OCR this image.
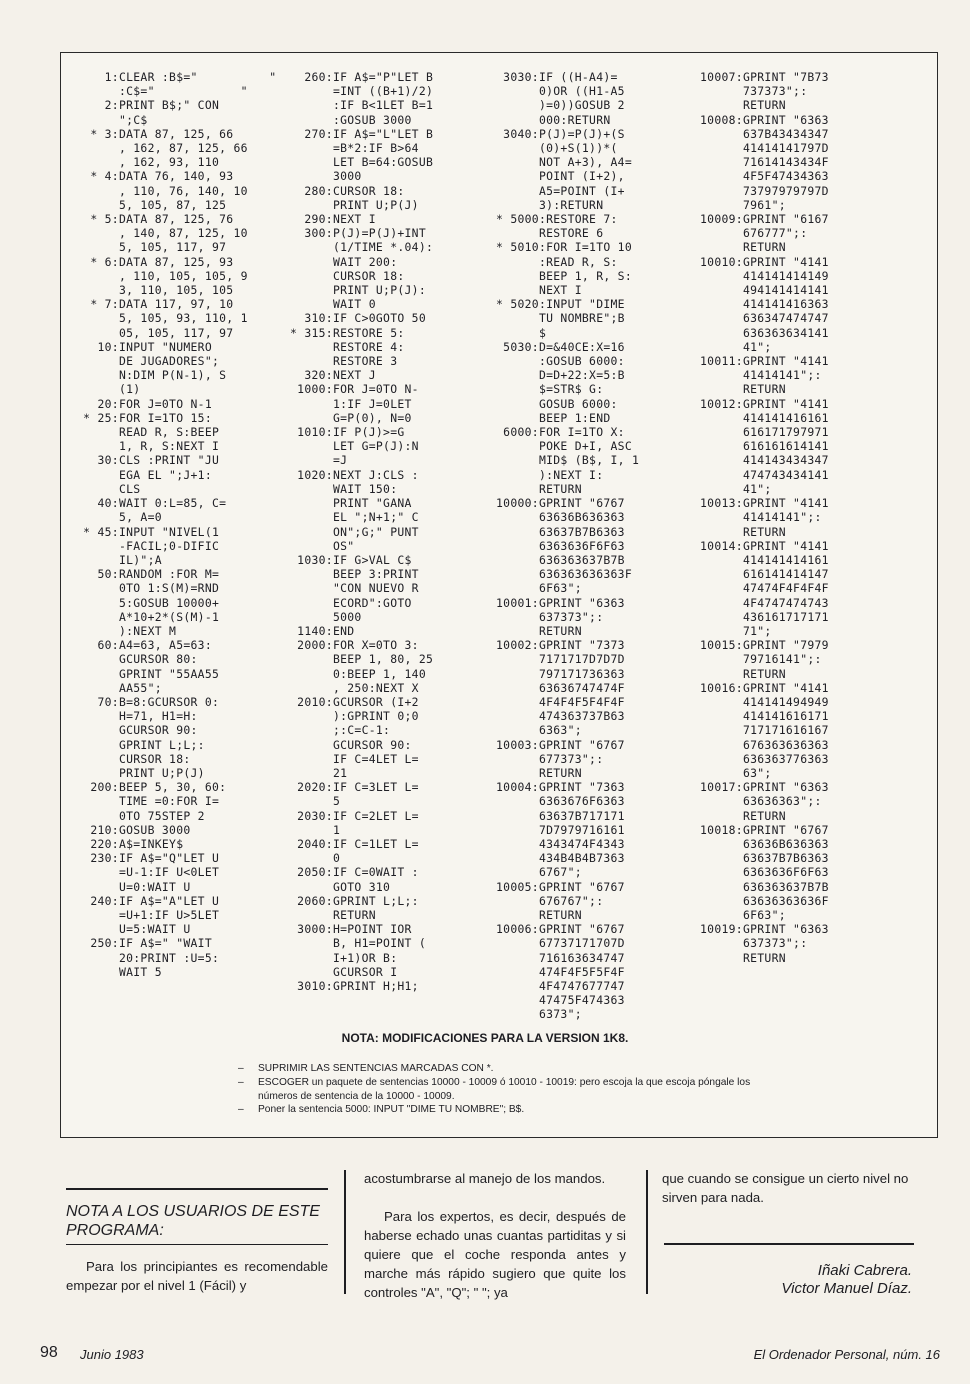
1:CLEAR :B$="          "
:C$="            "
2:PRINT B$;" CON
";C$
* 3:DATA 87, 125, 66
, 162, 87, 125, 66
, 162, 93, 110
* 4:DATA 76, 140, 93
, 110, 76, 140, 10
5, 105, 87, 125
* 5:DATA 87, 125, 76
, 140, 87, 125, 10
5, 105, 117, 97
* 6:DATA 87, 125, 93
, 110, 105, 105, 9
3, 110, 105, 105
* 7:DATA 117, 97, 10
5, 105, 93, 110, 1
05, 105, 117, 97
10:INPUT "NUMERO
DE JUGADORES";
N:DIM P(N-1), S
(1)
20:FOR J=0TO N-1
* 25:FOR I=1TO 15:
READ R, S:BEEP
1, R, S:NEXT I
30:CLS :PRINT "JU
EGA EL ";J+1:
CLS
40:WAIT 0:L=85, C=
5, A=0
* 45:INPUT "NIVEL(1
-FACIL;0-DIFIC
IL)";A
50:RANDOM :FOR M=
0TO 1:S(M)=RND
5:GOSUB 10000+
A*10+2*(S(M)-1
):NEXT M
60:A4=63, A5=63:
GCURSOR 80:
GPRINT "55AA55
AA55";
70:B=8:GCURSOR 0:
H=71, H1=H:
GCURSOR 90:
GPRINT L;L;:
CURSOR 18:
PRINT U;P(J)
200:BEEP 5, 30, 60:
TIME =0:FOR I=
0TO 75STEP 2
210:GOSUB 3000
220:A$=INKEY$
230:IF A$="Q"LET U
=U-1:IF U<0LET
U=0:WAIT U
240:IF A$="A"LET U
=U+1:IF U>5LET
U=5:WAIT U
250:IF A$=" "WAIT
20:PRINT :U=5:
WAIT 5
260:IF A$="P"LET B
=INT ((B+1)/2)
:IF B<1LET B=1
:GOSUB 3000
270:IF A$="L"LET B
=B*2:IF B>64
LET B=64:GOSUB
3000
280:CURSOR 18:
PRINT U;P(J)
290:NEXT I
300:P(J)=P(J)+INT
(1/TIME *.04):
WAIT 200:
CURSOR 18:
PRINT U;P(J):
WAIT 0
310:IF C>0GOTO 50
* 315:RESTORE 5:
RESTORE 4:
RESTORE 3
320:NEXT J
1000:FOR J=0TO N-
1:IF J=0LET
G=P(0), N=0
1010:IF P(J)>=G
LET G=P(J):N
=J
1020:NEXT J:CLS :
WAIT 150:
PRINT "GANA
EL ";N+1;" C
ON";G;" PUNT
OS"
1030:IF G>VAL C$
BEEP 3:PRINT
"CON NUEVO R
ECORD":GOTO
5000
1140:END
2000:FOR X=0TO 3:
BEEP 1, 80, 25
0:BEEP 1, 140
, 250:NEXT X
2010:GCURSOR (I+2
):GPRINT 0;0
;:C=C-1:
GCURSOR 90:
IF C=4LET L=
21
2020:IF C=3LET L=
5
2030:IF C=2LET L=
1
2040:IF C=1LET L=
0
2050:IF C=0WAIT :
GOTO 310
2060:GPRINT L;L;:
RETURN
3000:H=POINT IOR
B, H1=POINT (
I+1)OR B:
GCURSOR I
3010:GPRINT H;H1;
3030:IF ((H-A4)=
0)OR ((H1-A5
)=0))GOSUB 2
000:RETURN
3040:P(J)=P(J)+(S
(0)+S(1))*(
NOT A+3), A4=
POINT (I+2),
A5=POINT (I+
3):RETURN
* 5000:RESTORE 7:
RESTORE 6
* 5010:FOR I=1TO 10
:READ R, S:
BEEP 1, R, S:
NEXT I
* 5020:INPUT "DIME
TU NOMBRE";B
$
5030:D=&40CE:X=16
:GOSUB 6000:
D=D+22:X=5:B
$=STR$ G:
GOSUB 6000:
BEEP 1:END
6000:FOR I=1TO X:
POKE D+I, ASC
MID$ (B$, I, 1
):NEXT I:
RETURN
10000:GPRINT "6767
63636B636363
63637B7B6363
6363636F6F63
636363637B7B
636363636363F
6F63";
10001:GPRINT "6363
637373";:
RETURN
10002:GPRINT "7373
7171717D7D7D
797171736363
63636747474F
4F4F4F5F4F4F
474363737B63
6363";
10003:GPRINT "6767
677373";:
RETURN
10004:GPRINT "7363
6363676F6363
63637B717171
7D7979716161
4343474F4343
434B4B4B7363
6767";
10005:GPRINT "6767
676767";:
RETURN
10006:GPRINT "6767
67737171707D
716163634747
474F4F5F5F4F
4F4747677747
47475F474363
6373";
10007:GPRINT "7B73
737373";:
RETURN
10008:GPRINT "6363
637B43434347
41414141797D
71614143434F
4F5F47434363
73797979797D
7961";
10009:GPRINT "6167
676777";:
RETURN
10010:GPRINT "4141
414141414149
494141414141
414141416363
636347474747
636363634141
41";
10011:GPRINT "4141
41414141";:
RETURN
10012:GPRINT "4141
414141416161
616171797971
616161614141
414143434347
474743434141
41";
10013:GPRINT "4141
41414141";:
RETURN
10014:GPRINT "4141
414141414161
616141414147
47474F4F4F4F
4F4747474743
436161717171
71";
10015:GPRINT "7979
79716141";:
RETURN
10016:GPRINT "4141
414141494949
414141616171
717171616167
676363636363
636363776363
63";
10017:GPRINT "6363
63636363";:
RETURN
10018:GPRINT "6767
63636B636363
63637B7B6363
6363636F6F63
636363637B7B
63636363636F
6F63";
10019:GPRINT "6363
637373";:
RETURN
NOTA: MODIFICACIONES PARA LA VERSION 1K8.
– SUPRIMIR LAS SENTENCIAS MARCADAS CON *.
– ESCOGER un paquete de sentencias 10000 - 10009 ó 10010 - 10019: pero escoja la que escoja póngale los números de sentencia de la 10000 - 10009.
– Poner la sentencia 5000: INPUT "DIME TU NOMBRE"; B$.
NOTA A LOS USUARIOS DE ESTE PROGRAMA:

Para los principiantes es recomendable empezar por el nivel 1 (Fácil) y

acostumbrarse al manejo de los mandos.

Para los expertos, es decir, después de haberse echado unas cuantas partiditas y si quiere que el coche responda antes y marche más rápido sugiero que quite los controles "A", "Q"; " "; ya

que cuando se consigue un cierto nivel no sirven para nada.

Iñaki Cabrera.
Victor Manuel Díaz.
98 Junio 1983	El Ordenador Personal, núm. 16
